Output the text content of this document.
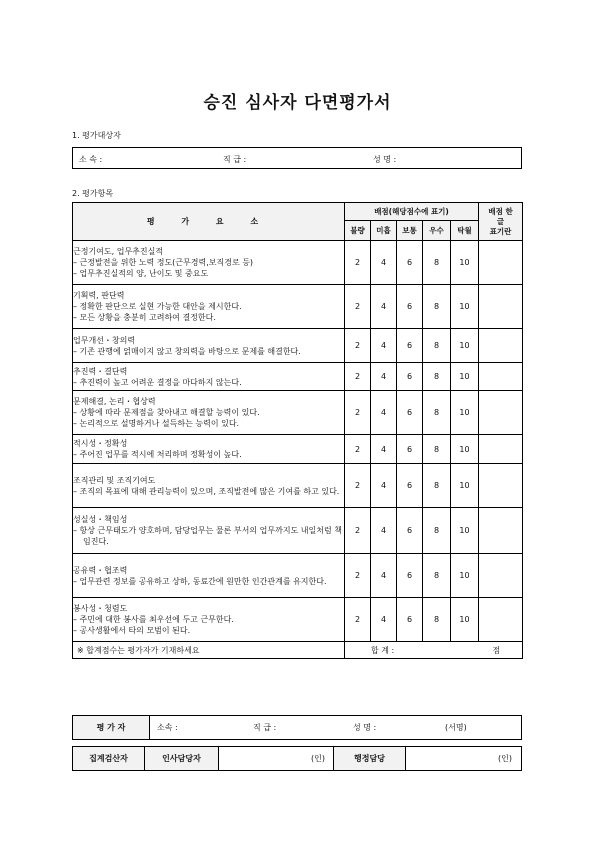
승진 심사자 다면평가서
1. 평가대상자
소 속 :	직 급 :	성 명 :
2. 평가항목
평 가 요 소	배점(해당점수에 표기)					배점 한
글
표기란
	불량	미흡	보통	우수	탁월	

근정기여도, 업무추진실적
– 근정발전을 위한 노력 정도(근무경력,보직경로 등)
– 업무추진실적의 양, 난이도 및 중요도	2	4	6	8	10	

기획력, 판단력
– 정확한 판단으로 실현 가능한 대안을 제시한다.
– 모든 상황을 충분히 고려하여 결정한다.	2	4	6	8	10	

업무개선・창의력
– 기존 관행에 얽매이지 않고 창의력을 바탕으로 문제를 해결한다.	2	4	6	8	10	

추진력・결단력
– 추진력이 높고 어려운 결정을 마다하지 않는다.	2	4	6	8	10	

문제해결, 논리・협상력
– 상황에 따라 문제점을 찾아내고 해결할 능력이 있다.
– 논리적으로 설명하거나 설득하는 능력이 있다.	2	4	6	8	10	

적시성・정확성
– 주어진 업무를 적시에 처리하며 정확성이 높다.	2	4	6	8	10	

조직관리 및 조직기여도
– 조직의 목표에 대해 관리능력이 있으며, 조직발전에 많은 기여를 하고 있다.	2	4	6	8	10	

성실성・책임성
– 항상 근무태도가 양호하며, 담당업무는 물론 부서의 업무까지도 내일처럼 책임진다.	2	4	6	8	10	

공유력・협조력
– 업무관련 정보를 공유하고 상하, 동료간에 원만한 인간관계를 유지한다.	2	4	6	8	10	

봉사성・청렴도
– 주민에 대한 봉사를 최우선에 두고 근무한다.
– 공사생활에서 타의 모범이 된다.	2	4	6	8	10	
※ 합계점수는 평가자가 기재하세요	합 계 : 점					
평 가 자	소속 :	직 급 :	성 명 :	(서명)
집계검산자	인사담당자	(인)	행정담당	(인)
